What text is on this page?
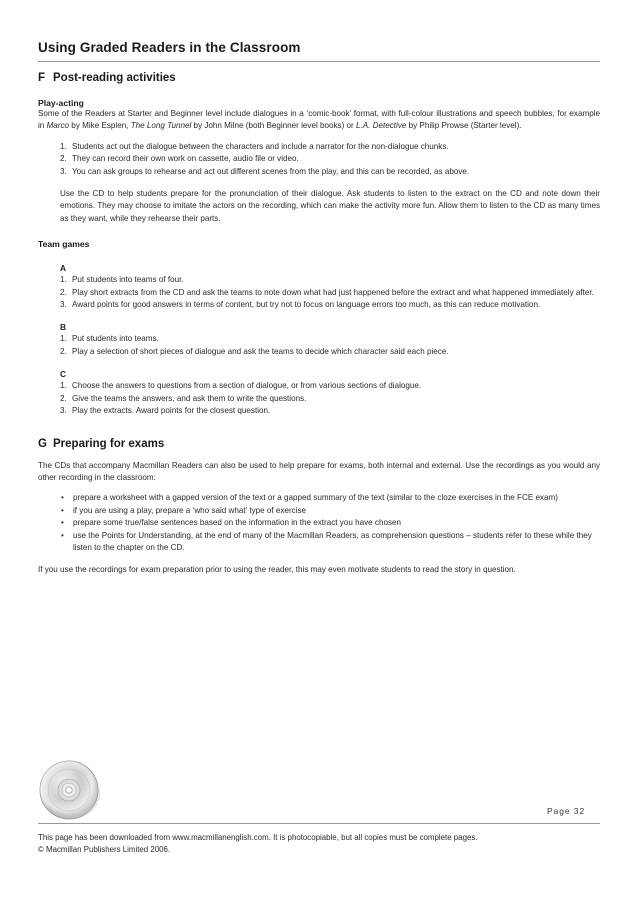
Using Graded Readers in the Classroom
F Post-reading activities
Play-acting

Some of the Readers at Starter and Beginner level include dialogues in a ‘comic-book’ format, with full-colour illustrations and speech bubbles, for example in Marco by Mike Esplen, The Long Tunnel by John Milne (both Beginner level books) or L.A. Detective by Philip Prowse (Starter level).

1. Students act out the dialogue between the characters and include a narrator for the non-dialogue chunks.
2. They can record their own work on cassette, audio file or video.
3. You can ask groups to rehearse and act out different scenes from the play, and this can be recorded, as above.

Use the CD to help students prepare for the pronunciation of their dialogue. Ask students to listen to the extract on the CD and note down their emotions. They may choose to imitate the actors on the recording, which can make the activity more fun. Allow them to listen to the CD as many times as they want, while they rehearse their parts.

Team games
A
1. Put students into teams of four.
2. Play short extracts from the CD and ask the teams to note down what had just happened before the extract and what happened immediately after.
3. Award points for good answers in terms of content, but try not to focus on language errors too much, as this can reduce motivation.
B
1. Put students into teams.
2. Play a selection of short pieces of dialogue and ask the teams to decide which character said each piece.
C
1. Choose the answers to questions from a section of dialogue, or from various sections of dialogue.
2. Give the teams the answers, and ask them to write the questions.
3. Play the extracts. Award points for the closest question.
G Preparing for exams

The CDs that accompany Macmillan Readers can also be used to help prepare for exams, both internal and external. Use the recordings as you would any other recording in the classroom:

• prepare a worksheet with a gapped version of the text or a gapped summary of the text (similar to the cloze exercises in the FCE exam)
• if you are using a play, prepare a ‘who said what’ type of exercise
• prepare some true/false sentences based on the information in the extract you have chosen
• use the Points for Understanding, at the end of many of the Macmillan Readers, as comprehension questions – students refer to these while they listen to the chapter on the CD.

If you use the recordings for exam preparation prior to using the reader, this may even motivate students to read the story in question.

Page 32
This page has been downloaded from www.macmillanenglish.com. It is photocopiable, but all copies must be complete pages.
© Macmillan Publishers Limited 2006.
